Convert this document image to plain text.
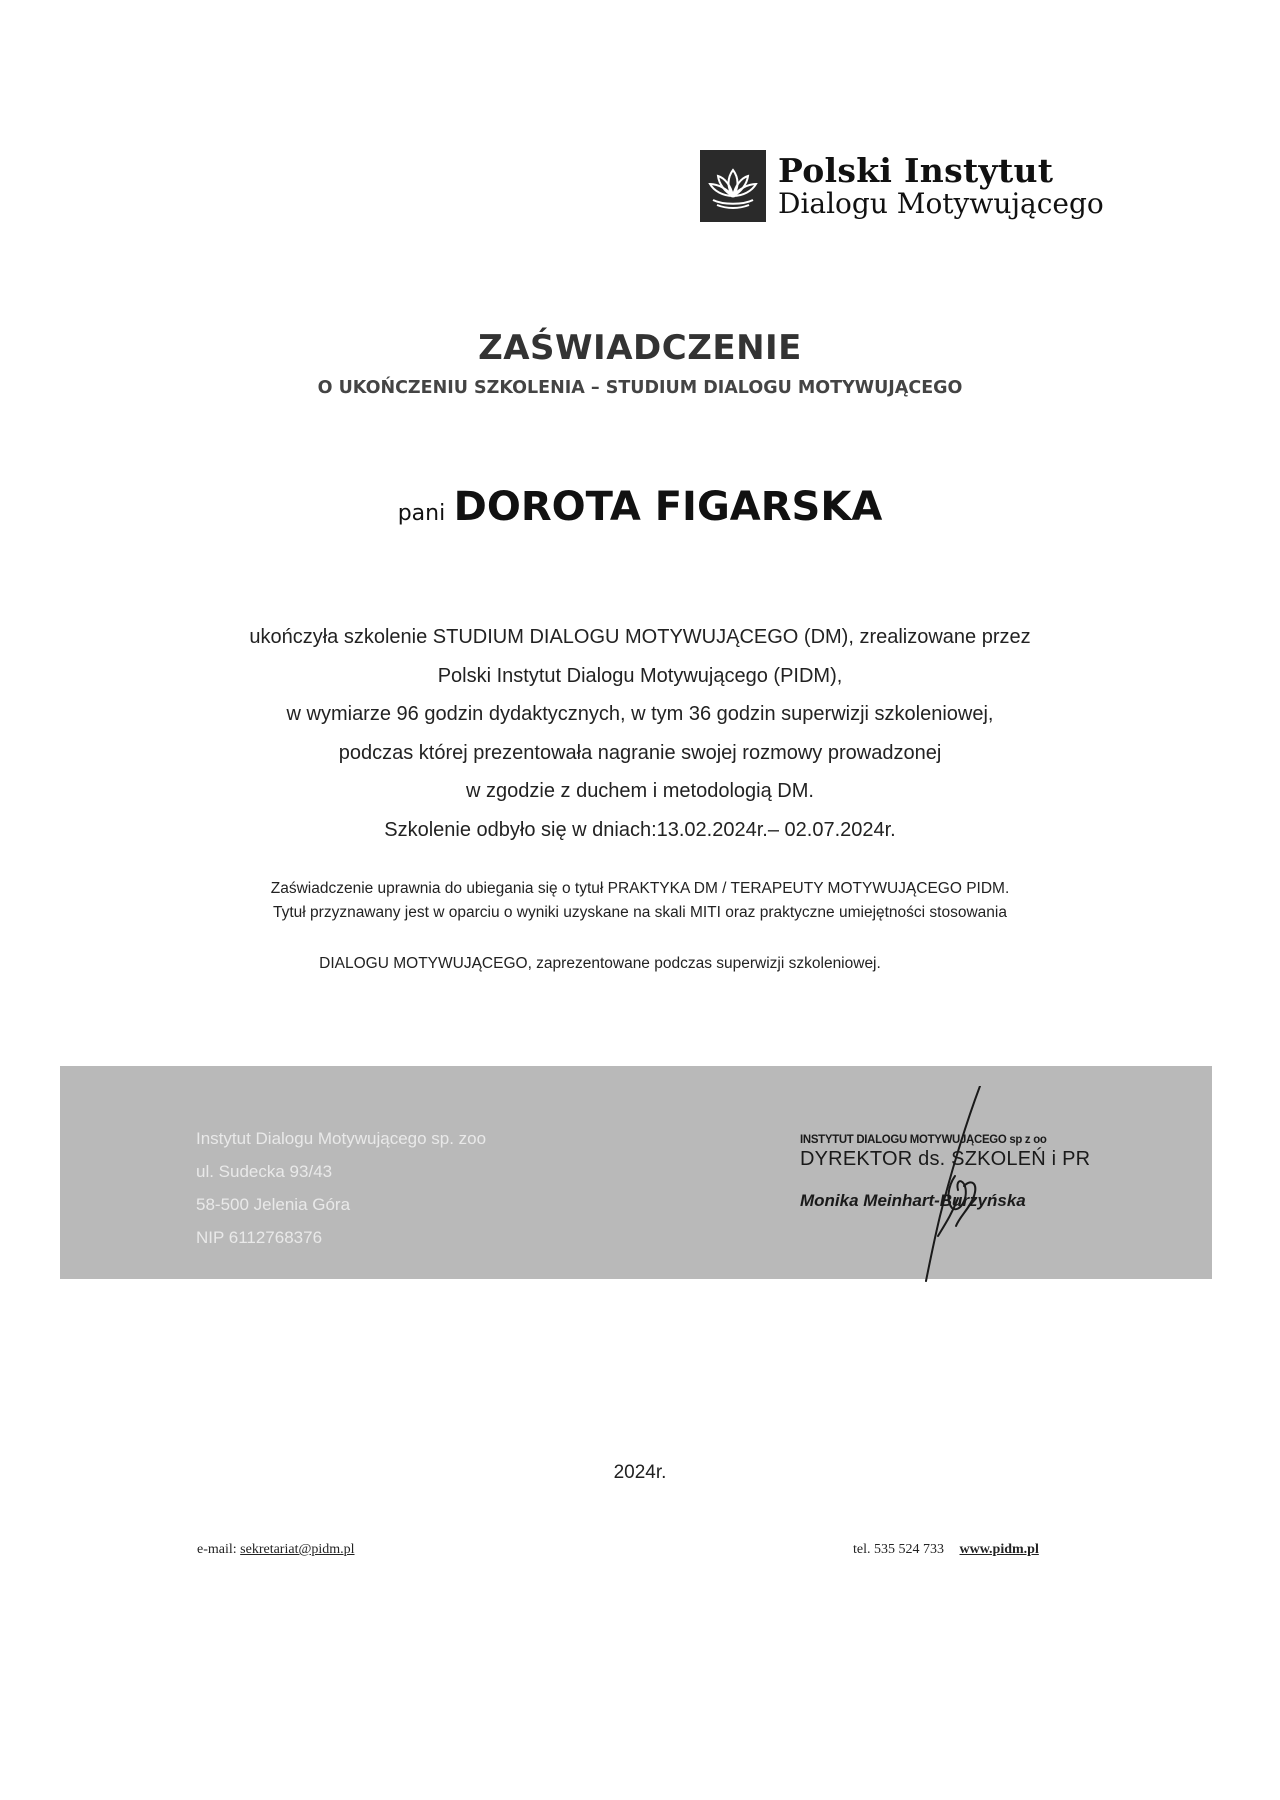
Polski Instytut
Dialogu Motywującego
ZAŚWIADCZENIE
O UKOŃCZENIU SZKOLENIA – STUDIUM DIALOGU MOTYWUJĄCEGO
pani DOROTA FIGARSKA
ukończyła szkolenie STUDIUM DIALOGU MOTYWUJĄCEGO (DM), zrealizowane przez
Polski Instytut Dialogu Motywującego (PIDM),
w wymiarze 96 godzin dydaktycznych, w tym 36 godzin superwizji szkoleniowej,
podczas której prezentowała nagranie swojej rozmowy prowadzonej
w zgodzie z duchem i metodologią DM.
Szkolenie odbyło się w dniach:13.02.2024r.– 02.07.2024r.
Zaświadczenie uprawnia do ubiegania się o tytuł PRAKTYKA DM / TERAPEUTY MOTYWUJĄCEGO PIDM.
Tytuł przyznawany jest w oparciu o wyniki uzyskane na skali MITI oraz praktyczne umiejętności stosowania
DIALOGU MOTYWUJĄCEGO, zaprezentowane podczas superwizji szkoleniowej.
Instytut Dialogu Motywującego sp. zoo
ul. Sudecka 93/43
58-500 Jelenia Góra
NIP 6112768376
INSTYTUT DIALOGU MOTYWUJĄCEGO sp z oo
DYREKTOR ds. SZKOLEŃ i PR
Monika Meinhart-Burzyńska
2024r.
e-mail: sekretariat@pidm.pl	tel. 535 524 733 www.pidm.pl
